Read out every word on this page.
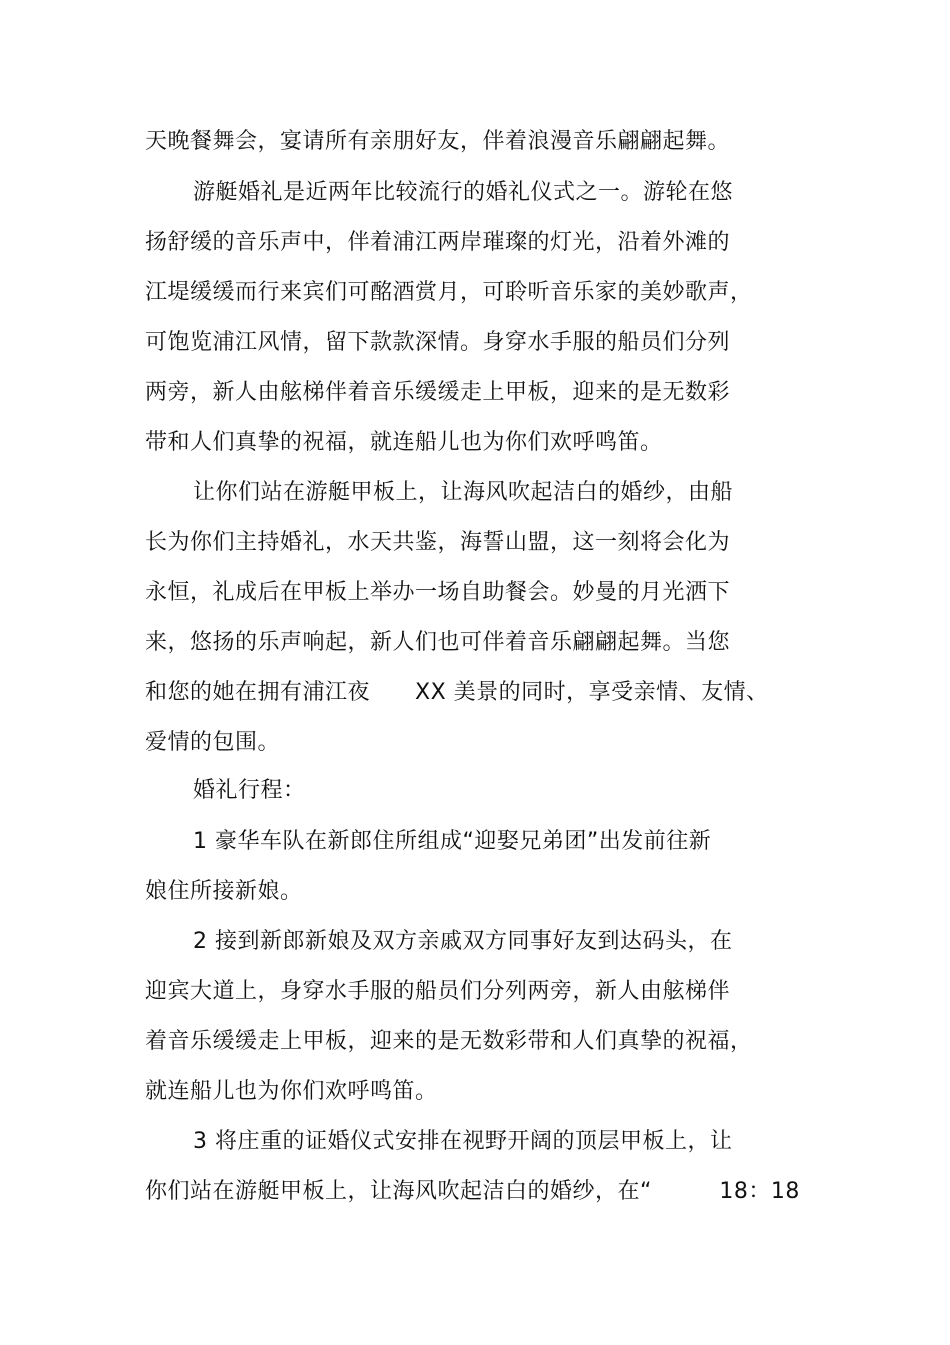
天晚餐舞会，宴请所有亲朋好友，伴着浪漫音乐翩翩起舞。
游艇婚礼是近两年比较流行的婚礼仪式之一。游轮在悠
扬舒缓的音乐声中，伴着浦江两岸璀璨的灯光，沿着外滩的
江堤缓缓而行来宾们可酩酒赏月，可聆听音乐家的美妙歌声，
可饱览浦江风情，留下款款深情。身穿水手服的船员们分列
两旁，新人由舷梯伴着音乐缓缓走上甲板，迎来的是无数彩
带和人们真挚的祝福，就连船儿也为你们欢呼鸣笛。
让你们站在游艇甲板上，让海风吹起洁白的婚纱，由船
长为你们主持婚礼，水天共鉴，海誓山盟，这一刻将会化为
永恒，礼成后在甲板上举办一场自助餐会。妙曼的月光洒下
来，悠扬的乐声响起，新人们也可伴着音乐翩翩起舞。当您
和您的她在拥有浦江夜　　XX 美景的同时，享受亲情、友情、
爱情的包围。
婚礼行程：
1 豪华车队在新郎住所组成“迎娶兄弟团”出发前往新
娘住所接新娘。
2 接到新郎新娘及双方亲戚双方同事好友到达码头，在
迎宾大道上，身穿水手服的船员们分列两旁，新人由舷梯伴
着音乐缓缓走上甲板，迎来的是无数彩带和人们真挚的祝福，
就连船儿也为你们欢呼鸣笛。
3 将庄重的证婚仪式安排在视野开阔的顶层甲板上，让
你们站在游艇甲板上，让海风吹起洁白的婚纱，在“　　　18：18
